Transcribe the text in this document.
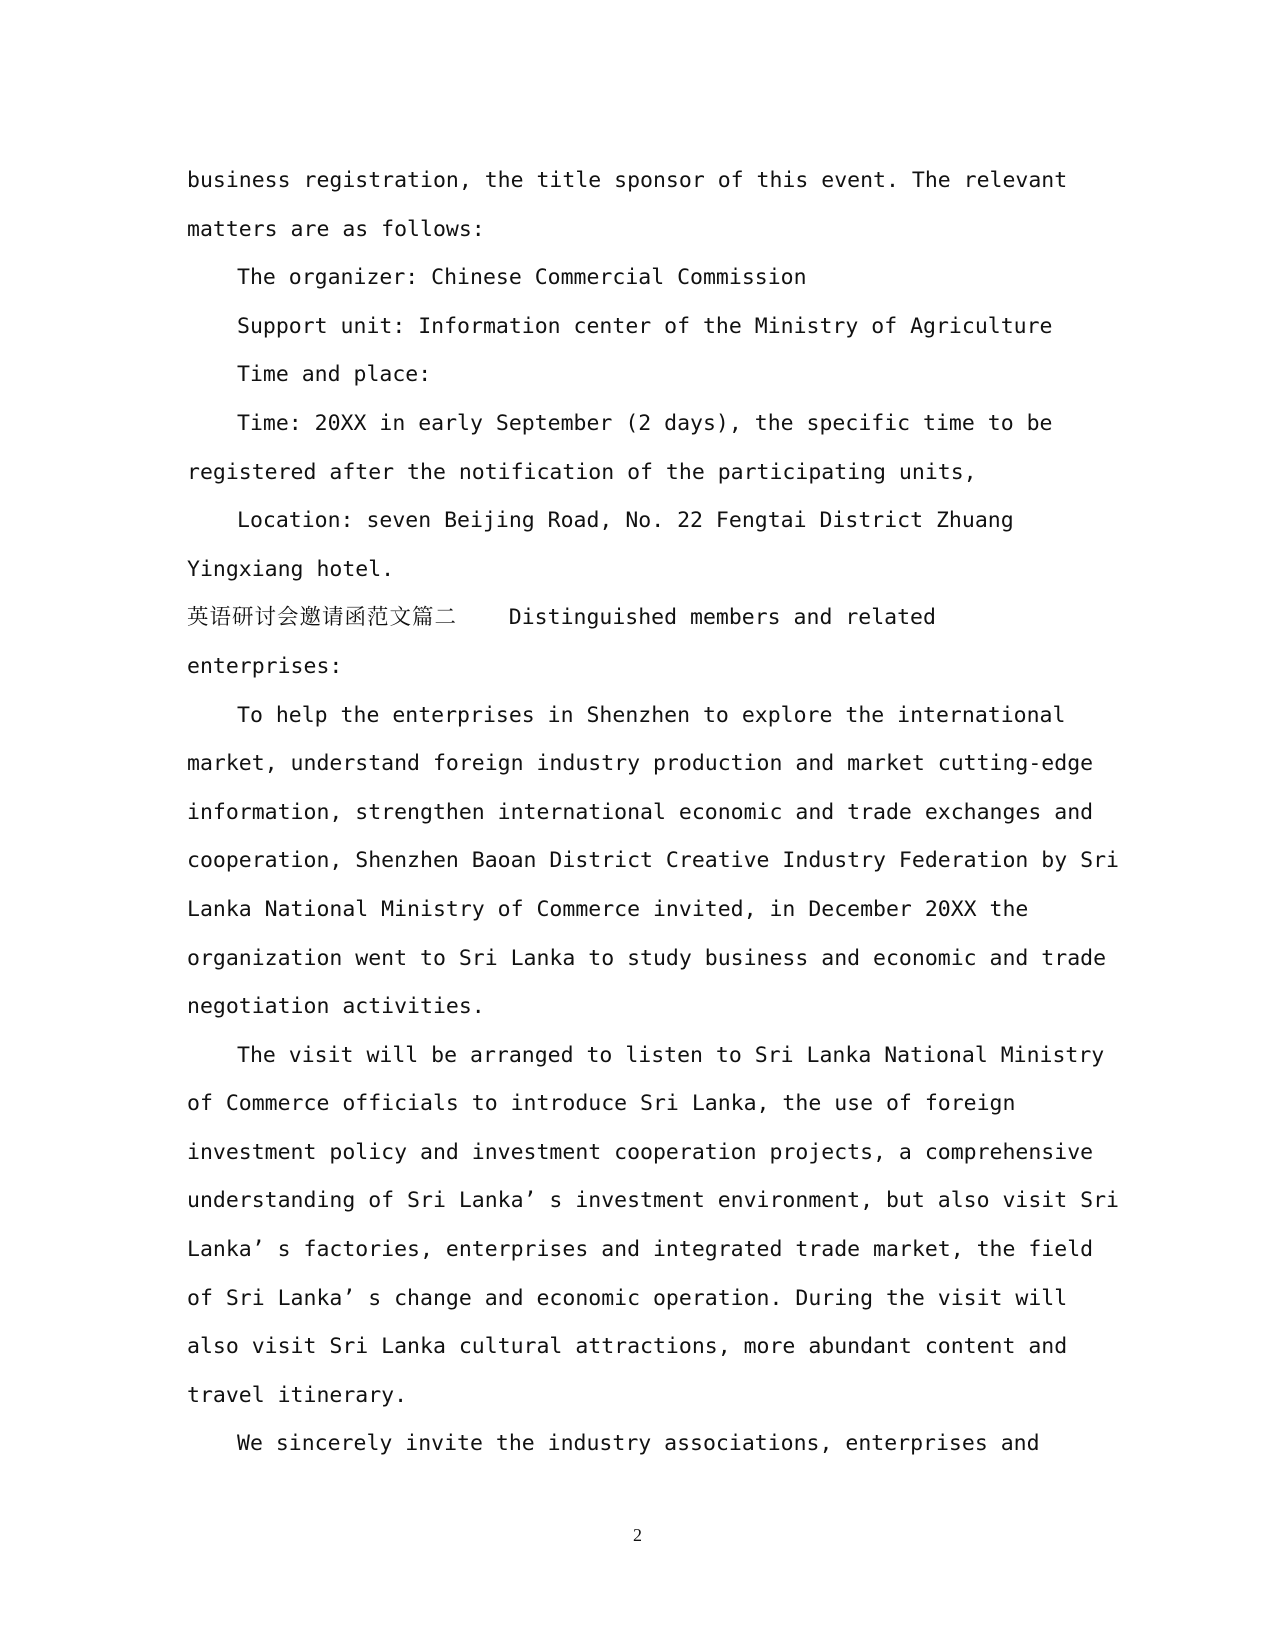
business registration, the title sponsor of this event. The relevant
matters are as follows:
The organizer: Chinese Commercial Commission
Support unit: Information center of the Ministry of Agriculture
Time and place:
Time: 20XX in early September (2 days), the specific time to be
registered after the notification of the participating units,
Location: seven Beijing Road, No. 22 Fengtai District Zhuang
Yingxiang hotel.
英语研讨会邀请函范文篇二    Distinguished members and related
enterprises:
To help the enterprises in Shenzhen to explore the international
market, understand foreign industry production and market cutting-edge
information, strengthen international economic and trade exchanges and
cooperation, Shenzhen Baoan District Creative Industry Federation by Sri
Lanka National Ministry of Commerce invited, in December 20XX the
organization went to Sri Lanka to study business and economic and trade
negotiation activities.
The visit will be arranged to listen to Sri Lanka National Ministry
of Commerce officials to introduce Sri Lanka, the use of foreign
investment policy and investment cooperation projects, a comprehensive
understanding of Sri Lanka’ s investment environment, but also visit Sri
Lanka’ s factories, enterprises and integrated trade market, the field
of Sri Lanka’ s change and economic operation. During the visit will
also visit Sri Lanka cultural attractions, more abundant content and
travel itinerary.
We sincerely invite the industry associations, enterprises and
2
